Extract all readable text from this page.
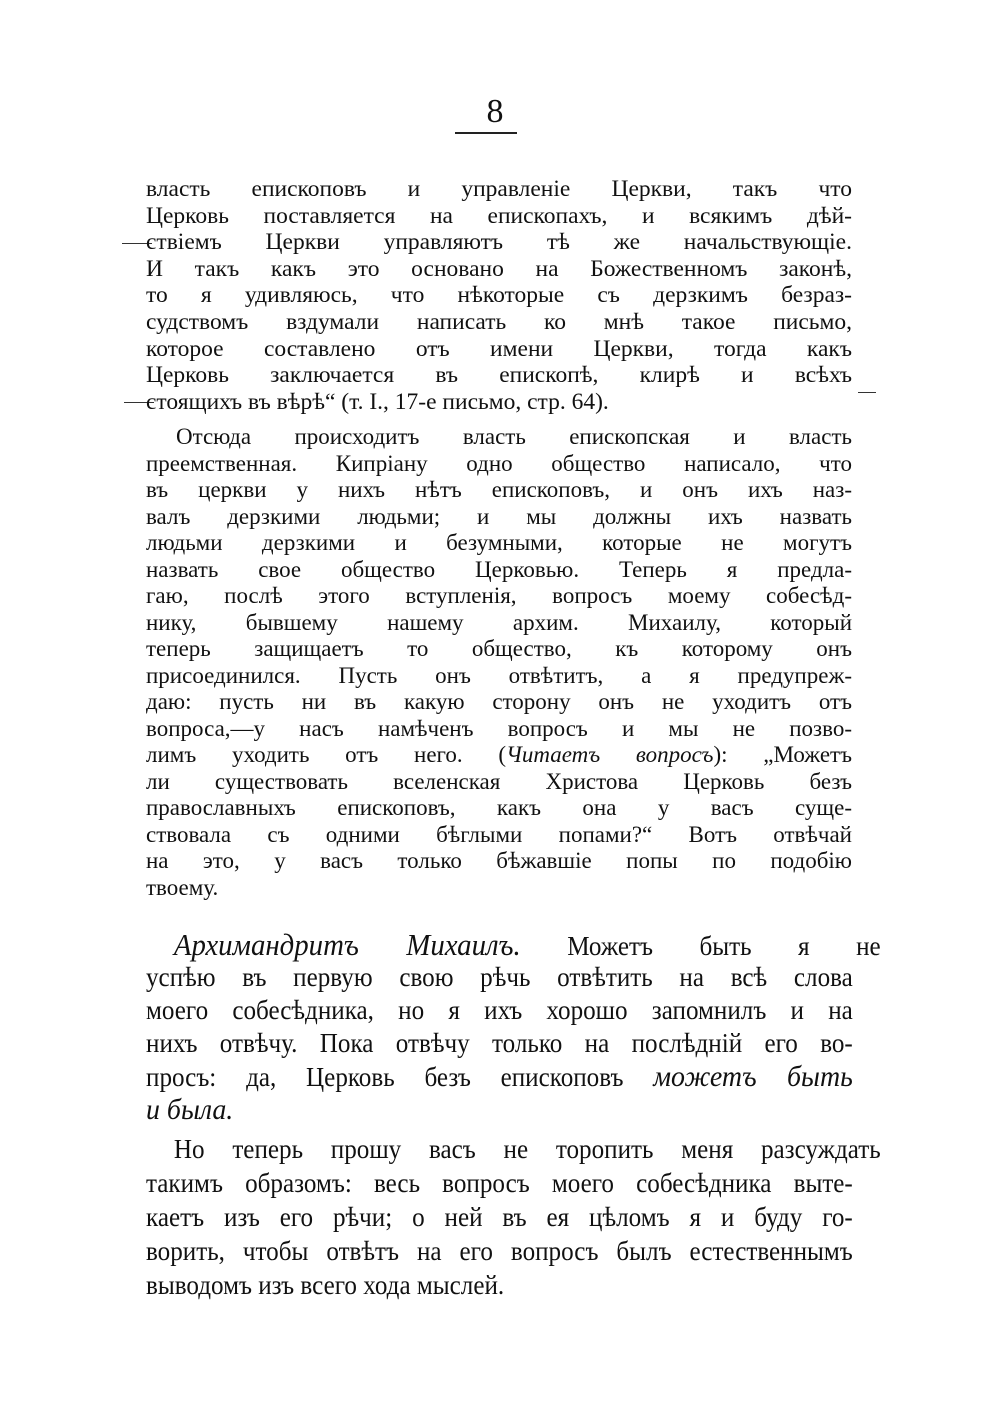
8
власть епископовъ и управленіе Церкви, такъ что
Церковь поставляется на епископахъ, и всякимъ дѣй-
ствіемъ Церкви управляютъ тѣ же начальствующіе.
И такъ какъ это основано на Божественномъ законѣ,
то я удивляюсь, что нѣкоторые съ дерзкимъ безраз-
судствомъ вздумали написать ко мнѣ такое письмо,
которое составлено отъ имени Церкви, тогда какъ
Церковь заключается въ епископѣ, клирѣ и всѣхъ
стоящихъ въ вѣрѣ“ (т. I., 17-е письмо, стр. 64).
Отсюда происходитъ власть епископская и власть
преемственная. Кипріану одно общество написало, что
въ церкви у нихъ нѣтъ епископовъ, и онъ ихъ наз-
валъ дерзкими людьми; и мы должны ихъ назвать
людьми дерзкими и безумными, которые не могутъ
назвать свое общество Церковью. Теперь я предла-
гаю, послѣ этого вступленія, вопросъ моему собесѣд-
нику, бывшему нашему архим. Михаилу, который
теперь защищаетъ то общество, къ которому онъ
присоединился. Пусть онъ отвѣтитъ, а я предупреж-
даю: пусть ни въ какую сторону онъ не уходитъ отъ
вопроса,—у насъ намѣченъ вопросъ и мы не позво-
лимъ уходить отъ него. (Читаетъ вопросъ): „Можетъ
ли существовать вселенская Христова Церковь безъ
православныхъ епископовъ, какъ она у васъ суще-
ствовала съ одними бѣглыми попами?“ Вотъ отвѣчай
на это, у васъ только бѣжавшіе попы по подобію
твоему.
Архимандритъ Михаилъ. Можетъ быть я не
успѣю въ первую свою рѣчь отвѣтить на всѣ слова
моего собесѣдника, но я ихъ хорошо запомнилъ и на
нихъ отвѣчу. Пока отвѣчу только на послѣдній его во-
просъ: да, Церковь безъ епископовъ можетъ быть
и была.
Но теперь прошу васъ не торопить меня разсуждать
такимъ образомъ: весь вопросъ моего собесѣдника выте-
каетъ изъ его рѣчи; о ней въ ея цѣломъ я и буду го-
ворить, чтобы отвѣтъ на его вопросъ былъ естественнымъ
выводомъ изъ всего хода мыслей.
